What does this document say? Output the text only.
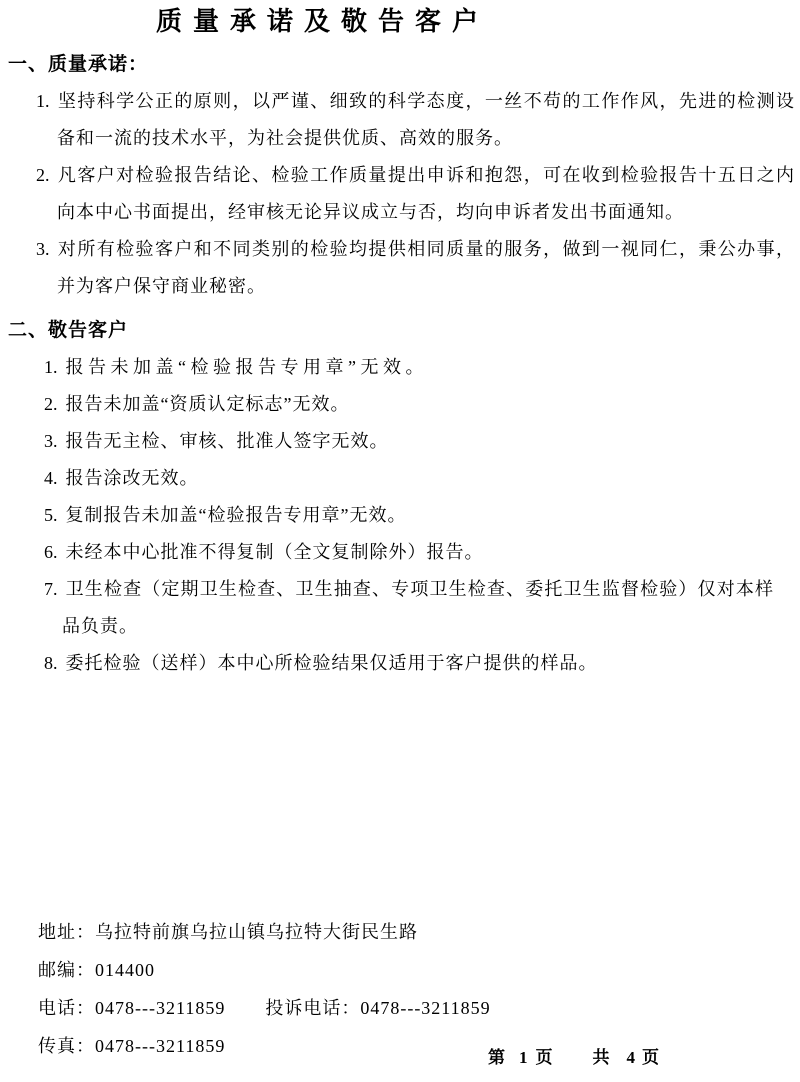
质量承诺及敬告客户
一、质量承诺：

1. 坚持科学公正的原则，以严谨、细致的科学态度，一丝不苟的工作作风，先进的检测设备和一流的技术水平，为社会提供优质、高效的服务。

2. 凡客户对检验报告结论、检验工作质量提出申诉和抱怨，可在收到检验报告十五日之内向本中心书面提出，经审核无论异议成立与否，均向申诉者发出书面通知。

3. 对所有检验客户和不同类别的检验均提供相同质量的服务，做到一视同仁，秉公办事，并为客户保守商业秘密。

二、敬告客户

1. 报告未加盖“检验报告专用章”无效。

2. 报告未加盖“资质认定标志”无效。

3. 报告无主检、审核、批准人签字无效。

4. 报告涂改无效。

5. 复制报告未加盖“检验报告专用章”无效。

6. 未经本中心批准不得复制（全文复制除外）报告。

7. 卫生检查（定期卫生检查、卫生抽查、专项卫生检查、委托卫生监督检验）仅对本样品负责。

8. 委托检验（送样）本中心所检验结果仅适用于客户提供的样品。

地址：乌拉特前旗乌拉山镇乌拉特大街民生路

邮编：014400

电话：0478---3211859 投诉电话：0478---3211859

传真：0478---3211859

第 1 页 共 4 页
